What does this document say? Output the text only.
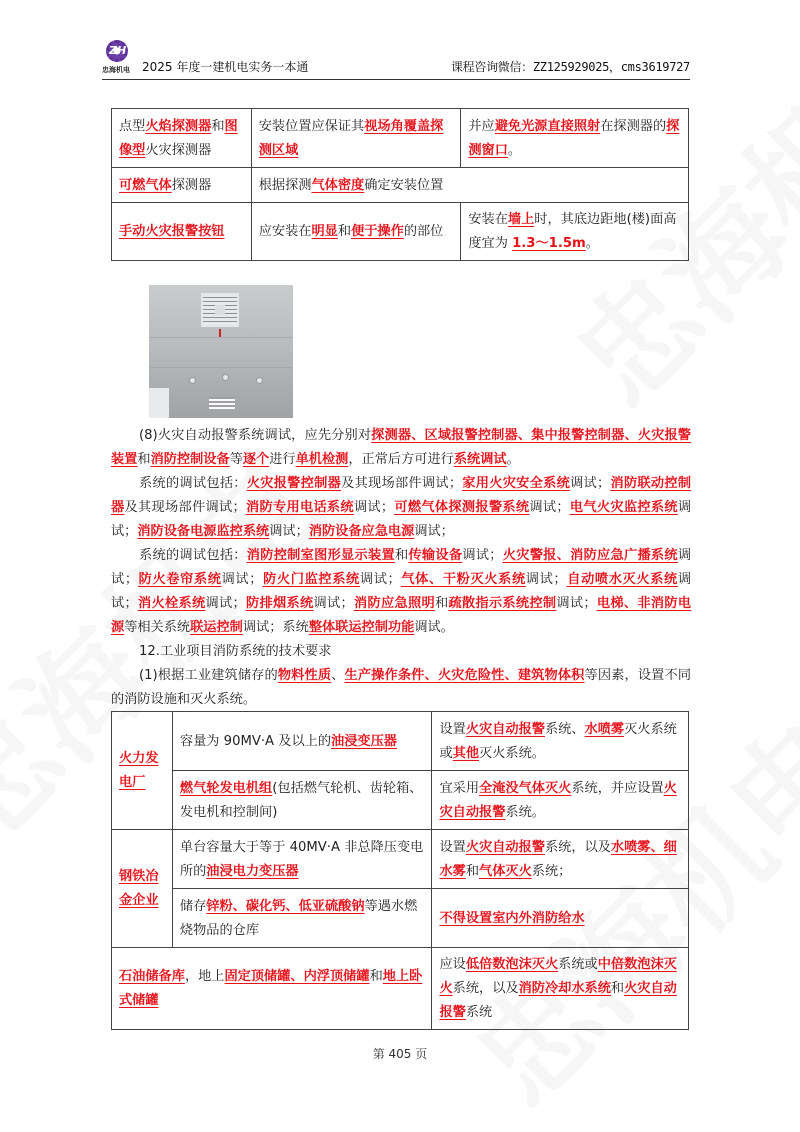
ZH
忠海机电 2025 年度一建机电实务一本通	课程咨询微信：ZZ125929025，cms3619727
点型火焰探测器和图像型火灾探测器	安装位置应保证其视场角覆盖探测区域	并应避免光源直接照射在探测器的探测窗口。
可燃气体探测器	根据探测气体密度确定安装位置	
手动火灾报警按钮	应安装在明显和便于操作的部位	安装在墙上时，其底边距地(楼)面高度宜为 1.3～1.5m。
(8)火灾自动报警系统调试，应先分别对探测器、区域报警控制器、集中报警控制器、火灾报警装置和消防控制设备等逐个进行单机检测，正常后方可进行系统调试。
系统的调试包括：火灾报警控制器及其现场部件调试；家用火灾安全系统调试；消防联动控制器及其现场部件调试；消防专用电话系统调试；可燃气体探测报警系统调试；电气火灾监控系统调试；消防设备电源监控系统调试；消防设备应急电源调试；
系统的调试包括：消防控制室图形显示装置和传输设备调试；火灾警报、消防应急广播系统调试；防火卷帘系统调试；防火门监控系统调试；气体、干粉灭火系统调试；自动喷水灭火系统调试；消火栓系统调试；防排烟系统调试；消防应急照明和疏散指示系统控制调试；电梯、非消防电源等相关系统联运控制调试；系统整体联运控制功能调试。
12.工业项目消防系统的技术要求
(1)根据工业建筑储存的物料性质、生产操作条件、火灾危险性、建筑物体积等因素，设置不同的消防设施和灭火系统。
火力发电厂	容量为 90MV·A 及以上的油浸变压器	设置火灾自动报警系统、水喷雾灭火系统或其他灭火系统。
	燃气轮发电机组(包括燃气轮机、齿轮箱、发电机和控制间)	宜采用全淹没气体灭火系统，并应设置火灾自动报警系统。
钢铁冶金企业	单台容量大于等于 40MV·A 非总降压变电所的油浸电力变压器	设置火灾自动报警系统，以及水喷雾、细水雾和气体灭火系统；
	储存锌粉、碳化钙、低亚硫酸钠等遇水燃烧物品的仓库	不得设置室内外消防给水
石油储备库，地上固定顶储罐、内浮顶储罐和地上卧式储罐		应设低倍数泡沫灭火系统或中倍数泡沫灭火系统，以及消防冷却水系统和火灾自动报警系统
第 405 页
